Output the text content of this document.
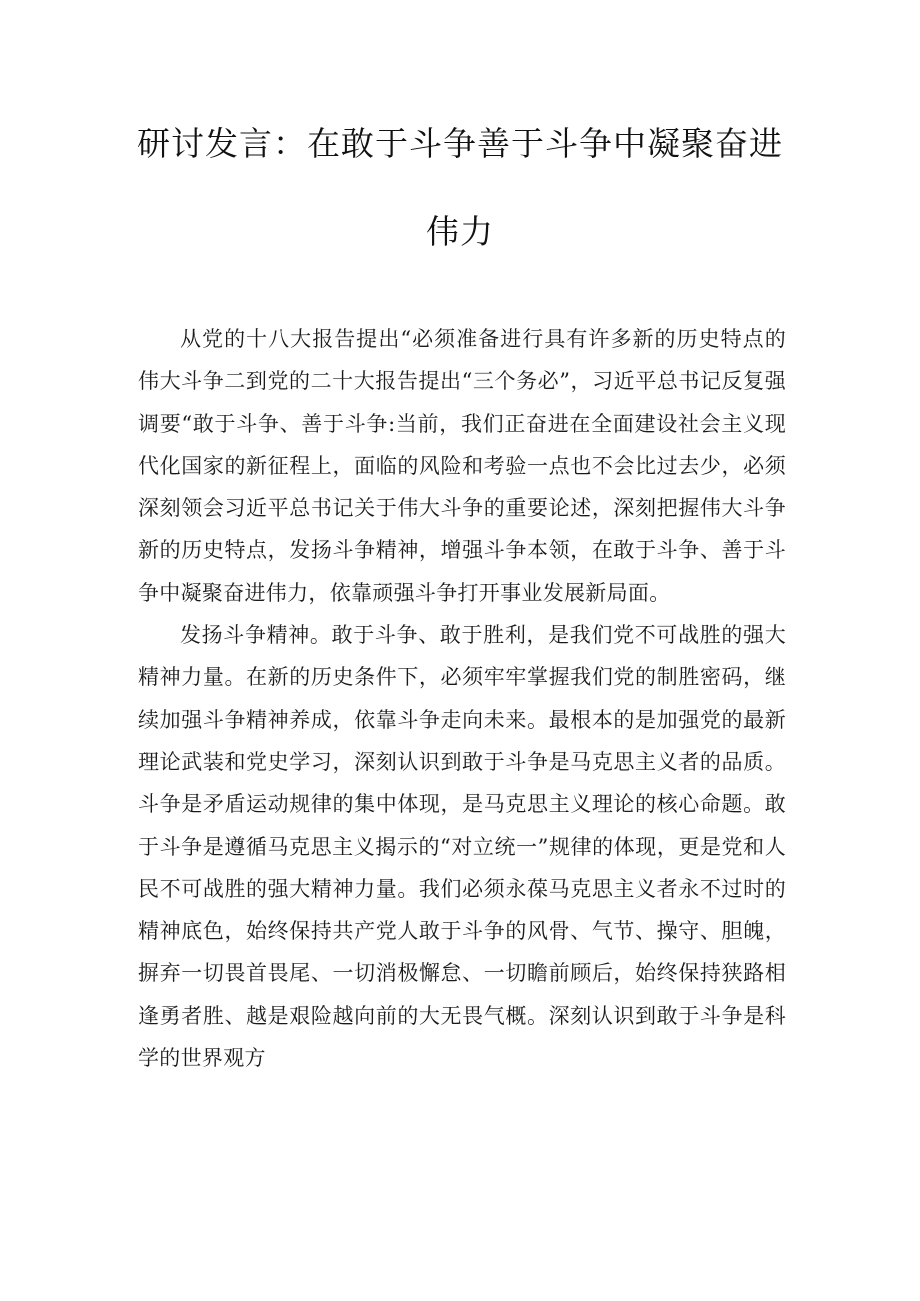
研讨发言：在敢于斗争善于斗争中凝聚奋进
伟力

从党的十八大报告提出“必须准备进行具有许多新的历史特点的伟大斗争二到党的二十大报告提出“三个务必”，习近平总书记反复强调要“敢于斗争、善于斗争:当前，我们正奋进在全面建设社会主义现代化国家的新征程上，面临的风险和考验一点也不会比过去少，必须深刻领会习近平总书记关于伟大斗争的重要论述，深刻把握伟大斗争新的历史特点，发扬斗争精神，增强斗争本领，在敢于斗争、善于斗争中凝聚奋进伟力，依靠顽强斗争打开事业发展新局面。

发扬斗争精神。敢于斗争、敢于胜利，是我们党不可战胜的强大精神力量。在新的历史条件下，必须牢牢掌握我们党的制胜密码，继续加强斗争精神养成，依靠斗争走向未来。最根本的是加强党的最新理论武装和党史学习，深刻认识到敢于斗争是马克思主义者的品质。斗争是矛盾运动规律的集中体现，是马克思主义理论的核心命题。敢于斗争是遵循马克思主义揭示的“对立统一”规律的体现，更是党和人民不可战胜的强大精神力量。我们必须永葆马克思主义者永不过时的精神底色，始终保持共产党人敢于斗争的风骨、气节、操守、胆魄，摒弃一切畏首畏尾、一切消极懈怠、一切瞻前顾后，始终保持狭路相逢勇者胜、越是艰险越向前的大无畏气概。深刻认识到敢于斗争是科学的世界观方
